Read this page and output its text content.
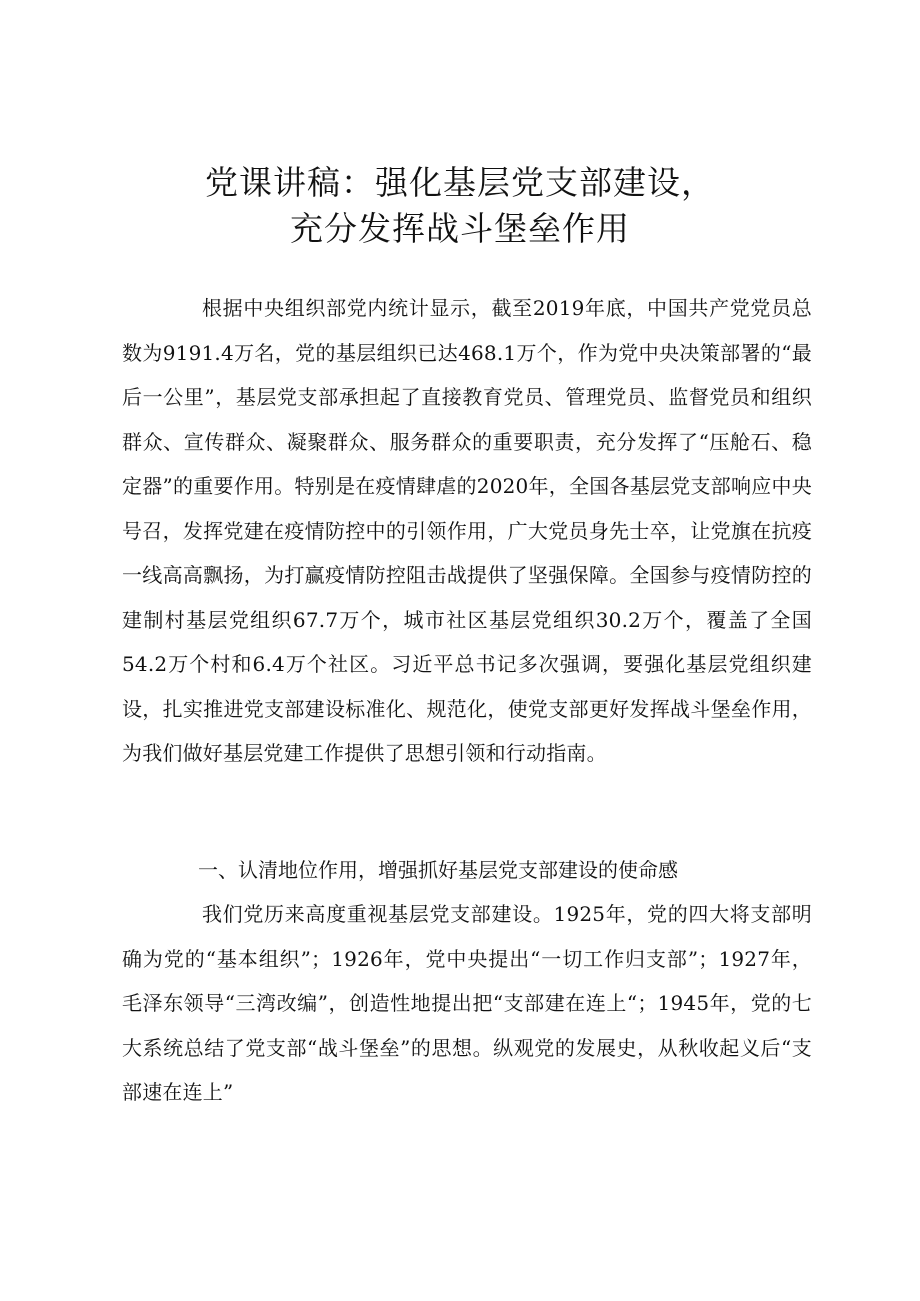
党课讲稿：强化基层党支部建设，
充分发挥战斗堡垒作用
根据中央组织部党内统计显示，截至2019年底，中国共产党党员总数为9191.4万名，党的基层组织已达468.1万个，作为党中央决策部署的“最后一公里”，基层党支部承担起了直接教育党员、管理党员、监督党员和组织群众、宣传群众、凝聚群众、服务群众的重要职责，充分发挥了“压舱石、稳定器”的重要作用。特别是在疫情肆虐的2020年，全国各基层党支部响应中央号召，发挥党建在疫情防控中的引领作用，广大党员身先士卒，让党旗在抗疫一线高高飘扬，为打赢疫情防控阻击战提供了坚强保障。全国参与疫情防控的建制村基层党组织67.7万个，城市社区基层党组织30.2万个，覆盖了全国54.2万个村和6.4万个社区。习近平总书记多次强调，要强化基层党组织建设，扎实推进党支部建设标准化、规范化，使党支部更好发挥战斗堡垒作用，为我们做好基层党建工作提供了思想引领和行动指南。
一、认清地位作用，增强抓好基层党支部建设的使命感
我们党历来高度重视基层党支部建设。1925年，党的四大将支部明确为党的“基本组织”；1926年，党中央提出“一切工作归支部”；1927年，毛泽东领导“三湾改编”，创造性地提出把“支部建在连上“；1945年，党的七大系统总结了党支部“战斗堡垒”的思想。纵观党的发展史，从秋收起义后“支部速在连上”
